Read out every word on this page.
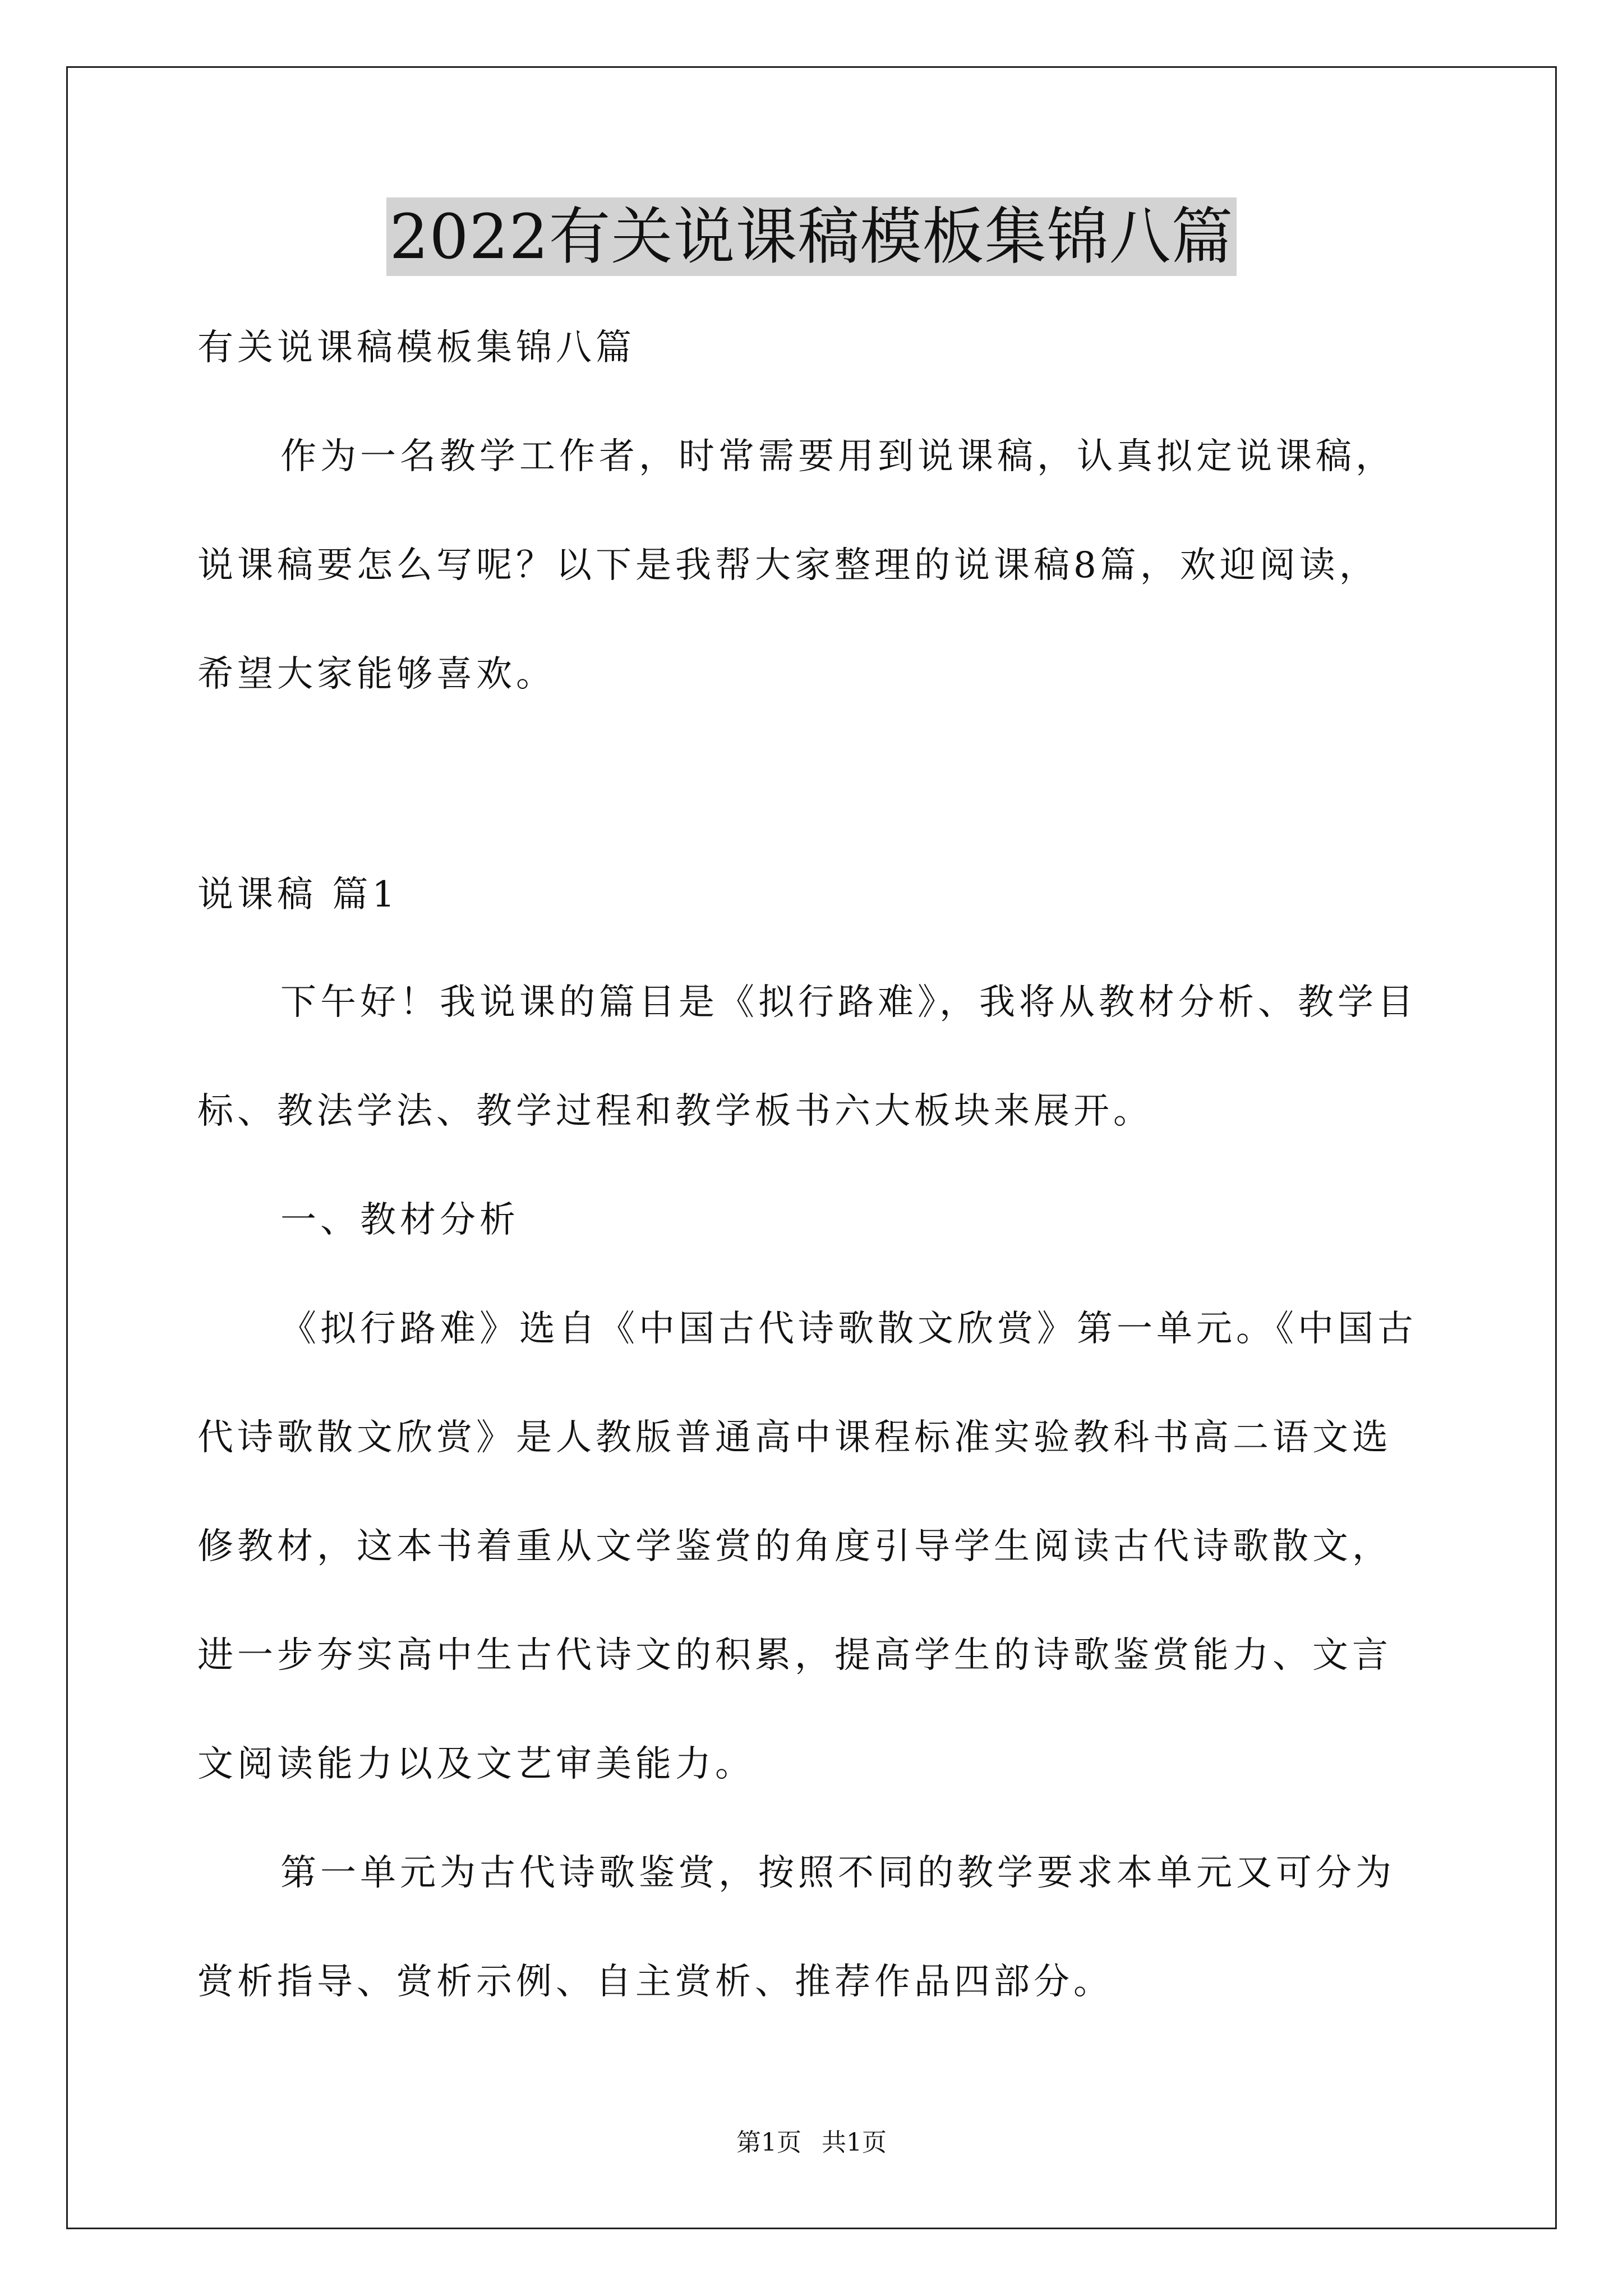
2022有关说课稿模板集锦八篇
有关说课稿模板集锦八篇
作为一名教学工作者，时常需要用到说课稿，认真拟定说课稿，
说课稿要怎么写呢？以下是我帮大家整理的说课稿8篇，欢迎阅读，
希望大家能够喜欢。
说课稿 篇1
下午好！我说课的篇目是《拟行路难》，我将从教材分析、教学目
标、教法学法、教学过程和教学板书六大板块来展开。
一、教材分析
《拟行路难》选自《中国古代诗歌散文欣赏》第一单元。《中国古
代诗歌散文欣赏》是人教版普通高中课程标准实验教科书高二语文选
修教材，这本书着重从文学鉴赏的角度引导学生阅读古代诗歌散文，
进一步夯实高中生古代诗文的积累，提高学生的诗歌鉴赏能力、文言
文阅读能力以及文艺审美能力。
第一单元为古代诗歌鉴赏，按照不同的教学要求本单元又可分为
赏析指导、赏析示例、自主赏析、推荐作品四部分。
第1页 共1页
